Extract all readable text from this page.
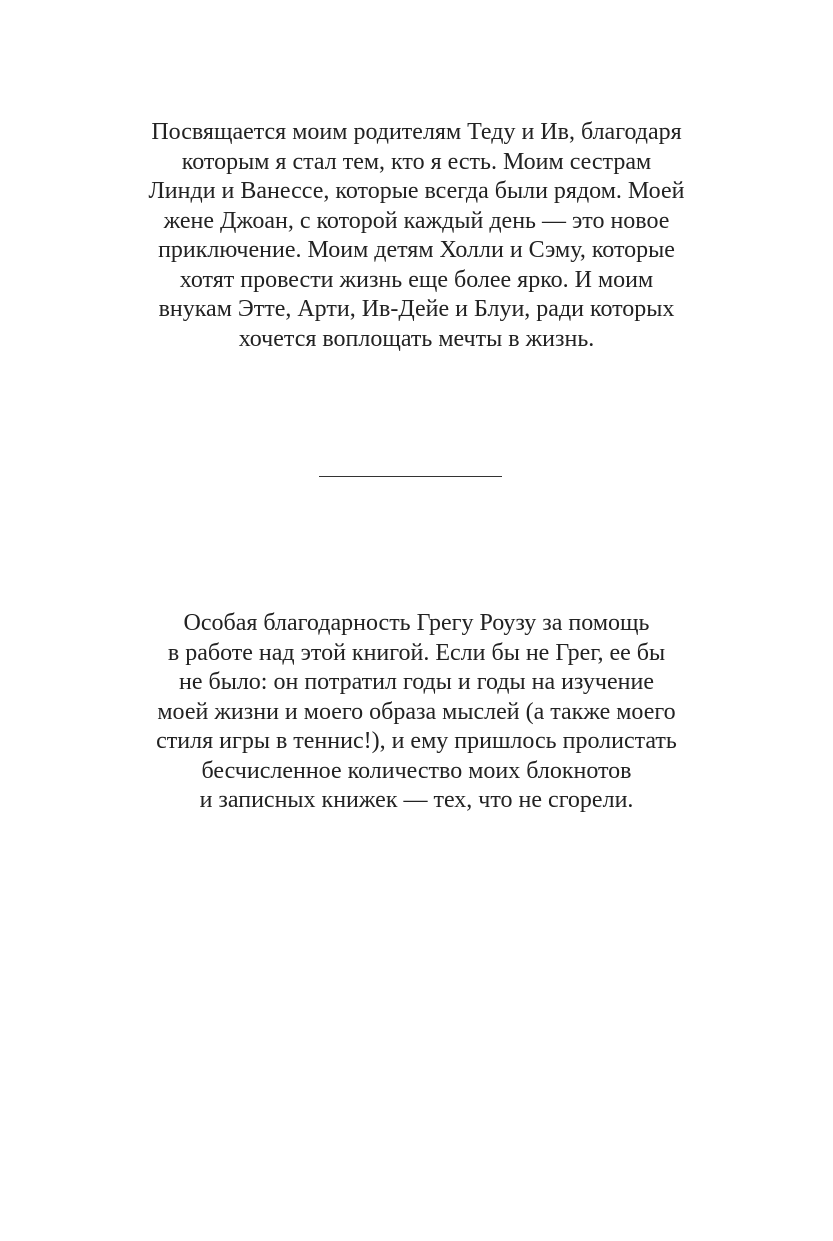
Посвящается моим родителям Теду и Ив, благодаря
которым я стал тем, кто я есть. Моим сестрам
Линди и Ванессе, которые всегда были рядом. Моей
жене Джоан, с которой каждый день — это новое
приключение. Моим детям Холли и Сэму, которые
хотят провести жизнь еще более ярко. И моим
внукам Этте, Арти, Ив-Дейе и Блуи, ради которых
хочется воплощать мечты в жизнь.
Особая благодарность Грегу Роузу за помощь
в работе над этой книгой. Если бы не Грег, ее бы
не было: он потратил годы и годы на изучение
моей жизни и моего образа мыслей (а также моего
стиля игры в теннис!), и ему пришлось пролистать
бесчисленное количество моих блокнотов
и записных книжек — тех, что не сгорели.
